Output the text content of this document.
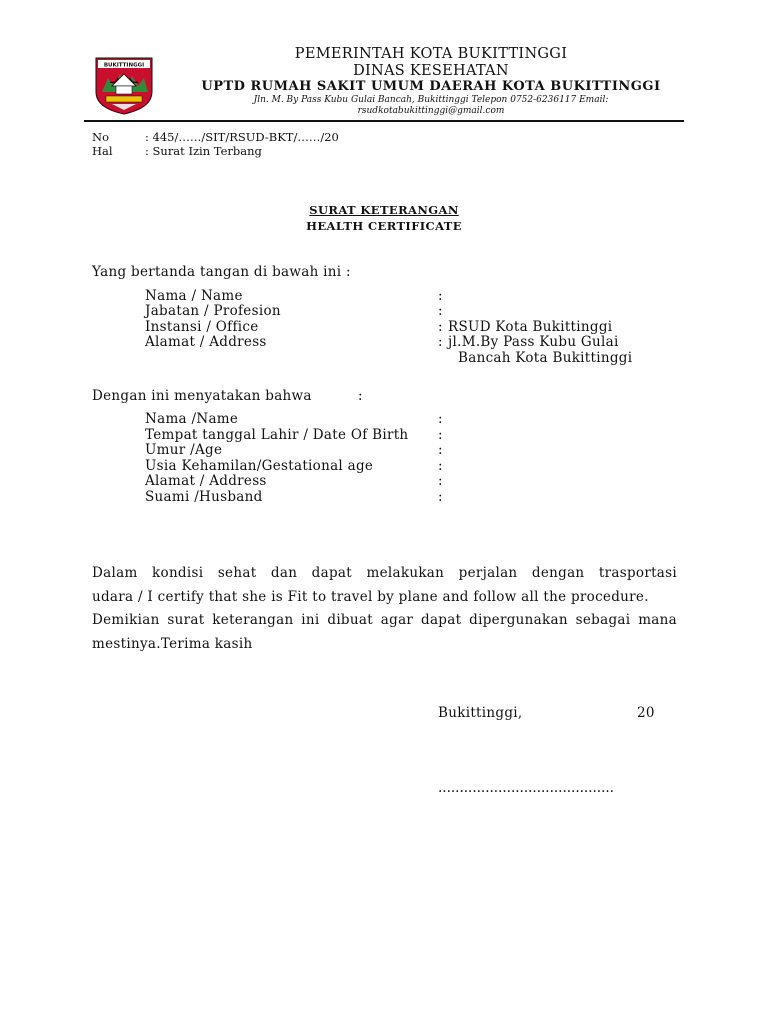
BUKITTINGGI
PEMERINTAH KOTA BUKITTINGGI
DINAS KESEHATAN
UPTD RUMAH SAKIT UMUM DAERAH KOTA BUKITTINGGI
Jln. M. By Pass Kubu Gulai Bancah, Bukittinggi Telepon 0752-6236117 Email:
rsudkotabukittinggi@gmail.com
No	: 445/……/SIT/RSUD-BKT/……/20
Hal	: Surat Izin Terbang
SURAT KETERANGAN
HEALTH CERTIFICATE
Yang bertanda tangan di bawah ini :
Nama / Name	:
Jabatan / Profesion	:
Instansi / Office	: RSUD Kota Bukittinggi
Alamat / Address	: jl.M.By Pass Kubu Gulai
Bancah Kota Bukittinggi
Dengan ini menyatakan bahwa	:
Nama /Name	:
Tempat tanggal Lahir / Date Of Birth :
Umur /Age	:
Usia Kehamilan/Gestational age	:
Alamat / Address	:
Suami /Husband	:
Dalam kondisi sehat dan dapat melakukan perjalan dengan trasportasi
udara / I certify that she is Fit to travel by plane and follow all the procedure.
Demikian surat keterangan ini dibuat agar dapat dipergunakan sebagai mana
mestinya.Terima kasih
Bukittinggi,	20
.........................................
